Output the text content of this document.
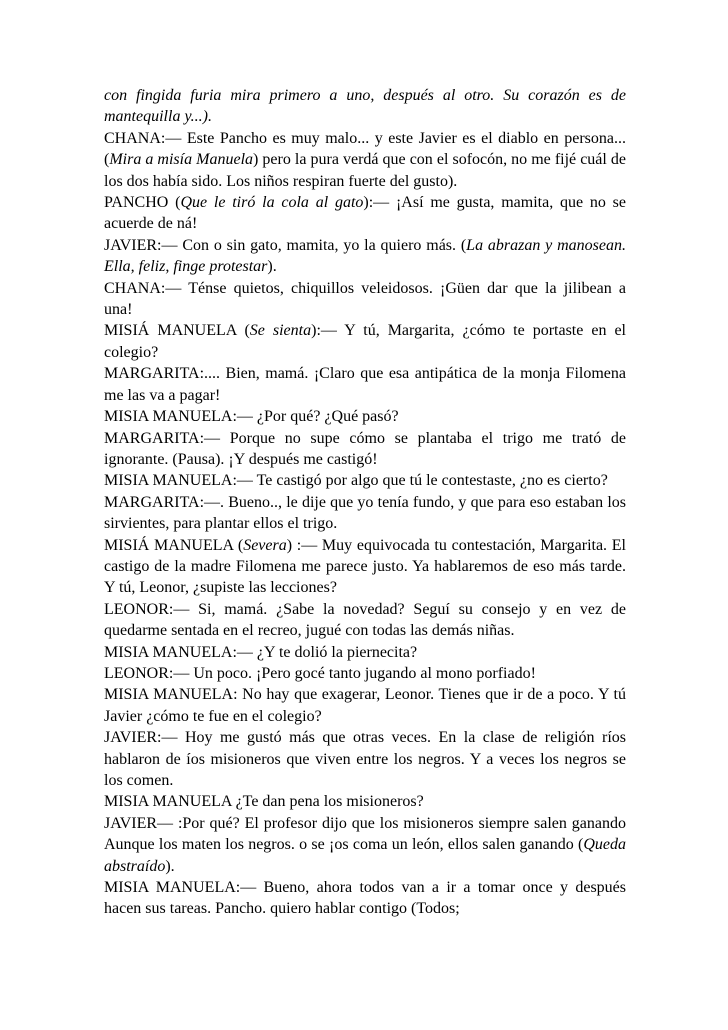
con fingida furia mira primero a uno, después al otro. Su corazón es de mantequilla y...).

CHANA:— Este Pancho es muy malo... y este Javier es el diablo en persona... (Mira a misía Manuela) pero la pura verdá que con el sofocón, no me fijé cuál de los dos había sido. Los niños respiran fuerte del gusto).

PANCHO (Que le tiró la cola al gato):— ¡Así me gusta, mamita, que no se acuerde de ná!

JAVIER:— Con o sin gato, mamita, yo la quiero más. (La abrazan y manosean. Ella, feliz, finge protestar).

CHANA:— Ténse quietos, chiquillos veleidosos. ¡Güen dar que la jilibean a una!

MISIÁ MANUELA (Se sienta):— Y tú, Margarita, ¿cómo te portaste en el colegio?

MARGARITA:.... Bien, mamá. ¡Claro que esa antipática de la monja Filomena me las va a pagar!

MISIA MANUELA:— ¿Por qué? ¿Qué pasó?

MARGARITA:— Porque no supe cómo se plantaba el trigo me trató de ignorante. (Pausa). ¡Y después me castigó!

MISIA MANUELA:— Te castigó por algo que tú le contestaste, ¿no es cierto?

MARGARITA:—. Bueno.., le dije que yo tenía fundo, y que para eso estaban los sirvientes, para plantar ellos el trigo.

MISIÁ MANUELA (Severa) :— Muy equivocada tu contestación, Margarita. El castigo de la madre Filomena me parece justo. Ya hablaremos de eso más tarde. Y tú, Leonor, ¿supiste las lecciones?

LEONOR:— Si, mamá. ¿Sabe la novedad? Seguí su consejo y en vez de quedarme sentada en el recreo, jugué con todas las demás niñas.

MISIA MANUELA:— ¿Y te dolió la piernecita?

LEONOR:— Un poco. ¡Pero gocé tanto jugando al mono porfiado!

MISIA MANUELA: No hay que exagerar, Leonor. Tienes que ir de a poco. Y tú Javier ¿cómo te fue en el colegio?

JAVIER:— Hoy me gustó más que otras veces. En la clase de religión ríos hablaron de íos misioneros que viven entre los negros. Y a veces los negros se los comen.

MISIA MANUELA ¿Te dan pena los misioneros?

JAVIER— :Por qué? El profesor dijo que los misioneros siempre salen ganando Aunque los maten los negros. o se ¡os coma un león, ellos salen ganando (Queda abstraído).

MISIA MANUELA:— Bueno, ahora todos van a ir a tomar once y después hacen sus tareas. Pancho. quiero hablar contigo (Todos;
